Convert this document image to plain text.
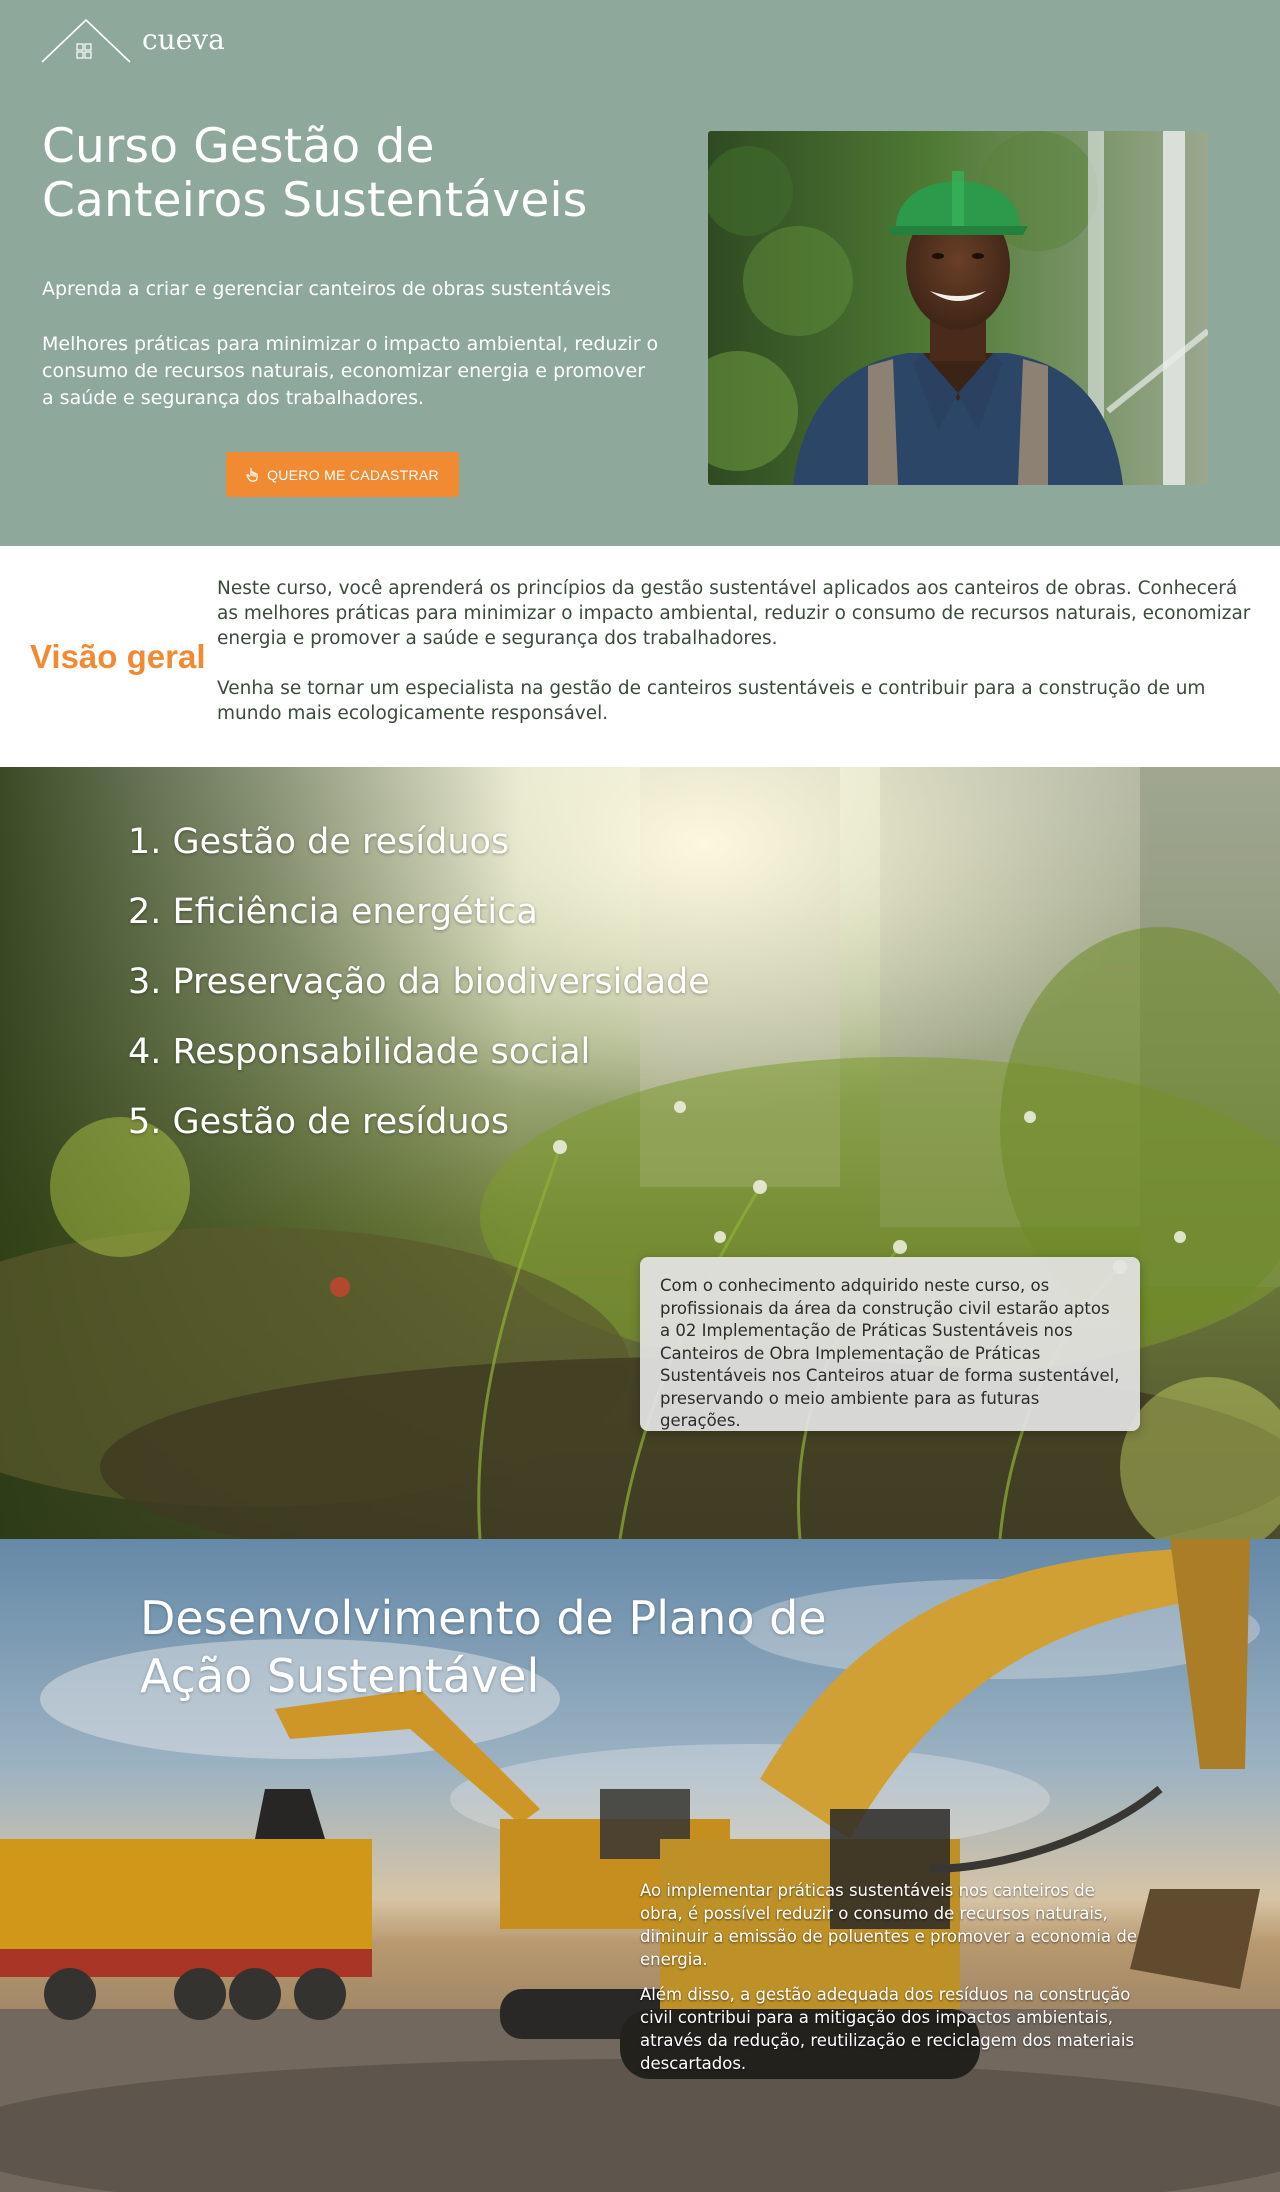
cueva
Curso Gestão de Canteiros Sustentáveis

Aprenda a criar e gerenciar canteiros de obras sustentáveis

Melhores práticas para minimizar o impacto ambiental, reduzir o consumo de recursos naturais, economizar energia e promover a saúde e segurança dos trabalhadores.

QUERO ME CADASTRAR
Visão geral

Neste curso, você aprenderá os princípios da gestão sustentável aplicados aos canteiros de obras. Conhecerá as melhores práticas para minimizar o impacto ambiental, reduzir o consumo de recursos naturais, economizar energia e promover a saúde e segurança dos trabalhadores.

Venha se tornar um especialista na gestão de canteiros sustentáveis e contribuir para a construção de um mundo mais ecologicamente responsável.

1. Gestão de resíduos
2. Eficiência energética
3. Preservação da biodiversidade
4. Responsabilidade social
5. Gestão de resíduos
Com o conhecimento adquirido neste curso, os profissionais da área da construção civil estarão aptos a 02 Implementação de Práticas Sustentáveis nos Canteiros de Obra Implementação de Práticas Sustentáveis nos Canteiros atuar de forma sustentável, preservando o meio ambiente para as futuras gerações.
Desenvolvimento de Plano de Ação Sustentável

Ao implementar práticas sustentáveis nos canteiros de obra, é possível reduzir o consumo de recursos naturais, diminuir a emissão de poluentes e promover a economia de energia.

Além disso, a gestão adequada dos resíduos na construção civil contribui para a mitigação dos impactos ambientais, através da redução, reutilização e reciclagem dos materiais descartados.
